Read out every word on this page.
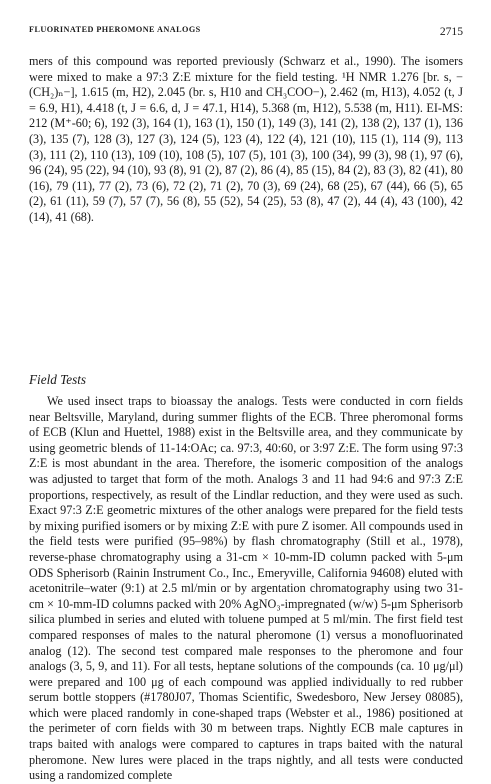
FLUORINATED PHEROMONE ANALOGS	2715

mers of this compound was reported previously (Schwarz et al., 1990). The isomers were mixed to make a 97:3 Z:E mixture for the field testing. ¹H NMR 1.276 [br. s, −(CH₂)ₙ−], 1.615 (m, H2), 2.045 (br. s, H10 and CH₃COO−), 2.462 (m, H13), 4.052 (t, J = 6.9, H1), 4.418 (t, J = 6.6, d, J = 47.1, H14), 5.368 (m, H12), 5.538 (m, H11). EI-MS: 212 (M⁺-60; 6), 192 (3), 164 (1), 163 (1), 150 (1), 149 (3), 141 (2), 138 (2), 137 (1), 136 (3), 135 (7), 128 (3), 127 (3), 124 (5), 123 (4), 122 (4), 121 (10), 115 (1), 114 (9), 113 (3), 111 (2), 110 (13), 109 (10), 108 (5), 107 (5), 101 (3), 100 (34), 99 (3), 98 (1), 97 (6), 96 (24), 95 (22), 94 (10), 93 (8), 91 (2), 87 (2), 86 (4), 85 (15), 84 (2), 83 (3), 82 (41), 80 (16), 79 (11), 77 (2), 73 (6), 72 (2), 71 (2), 70 (3), 69 (24), 68 (25), 67 (44), 66 (5), 65 (2), 61 (11), 59 (7), 57 (7), 56 (8), 55 (52), 54 (25), 53 (8), 47 (2), 44 (4), 43 (100), 42 (14), 41 (68).

Field Tests

We used insect traps to bioassay the analogs. Tests were conducted in corn fields near Beltsville, Maryland, during summer flights of the ECB. Three pheromonal forms of ECB (Klun and Huettel, 1988) exist in the Beltsville area, and they communicate by using geometric blends of 11-14:OAc; ca. 97:3, 40:60, or 3:97 Z:E. The form using 97:3 Z:E is most abundant in the area. Therefore, the isomeric composition of the analogs was adjusted to target that form of the moth. Analogs 3 and 11 had 94:6 and 97:3 Z:E proportions, respectively, as result of the Lindlar reduction, and they were used as such. Exact 97:3 Z:E geometric mixtures of the other analogs were prepared for the field tests by mixing purified isomers or by mixing Z:E with pure Z isomer. All compounds used in the field tests were purified (95–98%) by flash chromatography (Still et al., 1978), reverse-phase chromatography using a 31-cm × 10-mm-ID column packed with 5-μm ODS Spherisorb (Rainin Instrument Co., Inc., Emeryville, California 94608) eluted with acetonitrile–water (9:1) at 2.5 ml/min or by argentation chromatography using two 31-cm × 10-mm-ID columns packed with 20% AgNO₃-impregnated (w/w) 5-μm Spherisorb silica plumbed in series and eluted with toluene pumped at 5 ml/min. The first field test compared responses of males to the natural pheromone (1) versus a monofluorinated analog (12). The second test compared male responses to the pheromone and four analogs (3, 5, 9, and 11). For all tests, heptane solutions of the compounds (ca. 10 μg/μl) were prepared and 100 μg of each compound was applied individually to red rubber serum bottle stoppers (#1780J07, Thomas Scientific, Swedesboro, New Jersey 08085), which were placed randomly in cone-shaped traps (Webster et al., 1986) positioned at the perimeter of corn fields with 30 m between traps. Nightly ECB male captures in traps baited with analogs were compared to captures in traps baited with the natural pheromone. New lures were placed in the traps nightly, and all tests were conducted using a randomized complete
